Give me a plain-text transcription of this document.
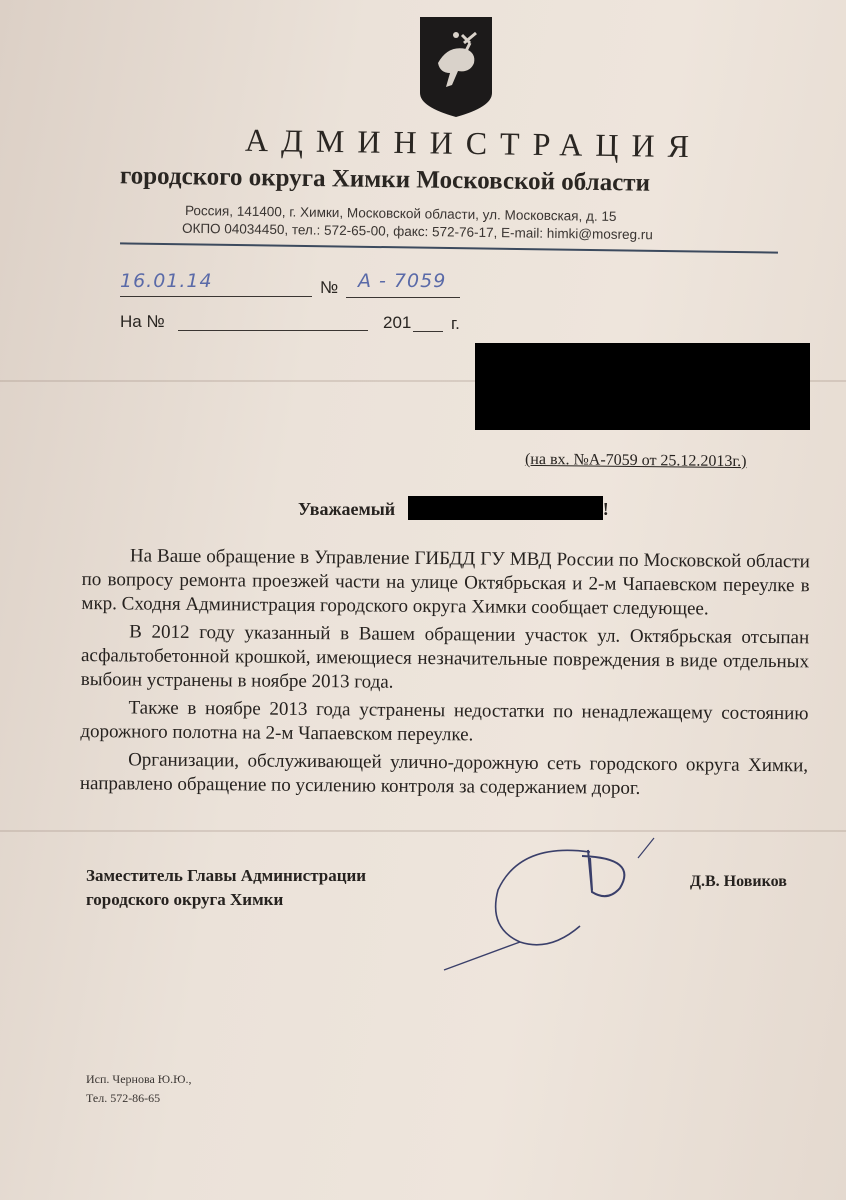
АДМИНИСТРАЦИЯ
городского округа Химки Московской области
Россия, 141400, г. Химки, Московской области, ул. Московская, д. 15
ОКПО 04034450, тел.: 572-65-00, факс: 572-76-17, E-mail: himki@mosreg.ru
16.01.14	№ А - 7059
На №	201 г.
(на вх. №А-7059 от 25.12.2013г.)
Уважаемый	!

На Ваше обращение в Управление ГИБДД ГУ МВД России по Московской области по вопросу ремонта проезжей части на улице Октябрьская и 2-м Чапаевском переулке в мкр. Сходня Администрация городского округа Химки сообщает следующее.

В 2012 году указанный в Вашем обращении участок ул. Октябрьская отсыпан асфальтобетонной крошкой, имеющиеся незначительные повреждения в виде отдельных выбоин устранены в ноябре 2013 года.

Также в ноябре 2013 года устранены недостатки по ненадлежащему состоянию дорожного полотна на 2-м Чапаевском переулке.

Организации, обслуживающей улично-дорожную сеть городского округа Химки, направлено обращение по усилению контроля за содержанием дорог.

Заместитель Главы Администрации
городского округа Химки
Д.В. Новиков
Исп. Чернова Ю.Ю.,
Тел. 572-86-65
